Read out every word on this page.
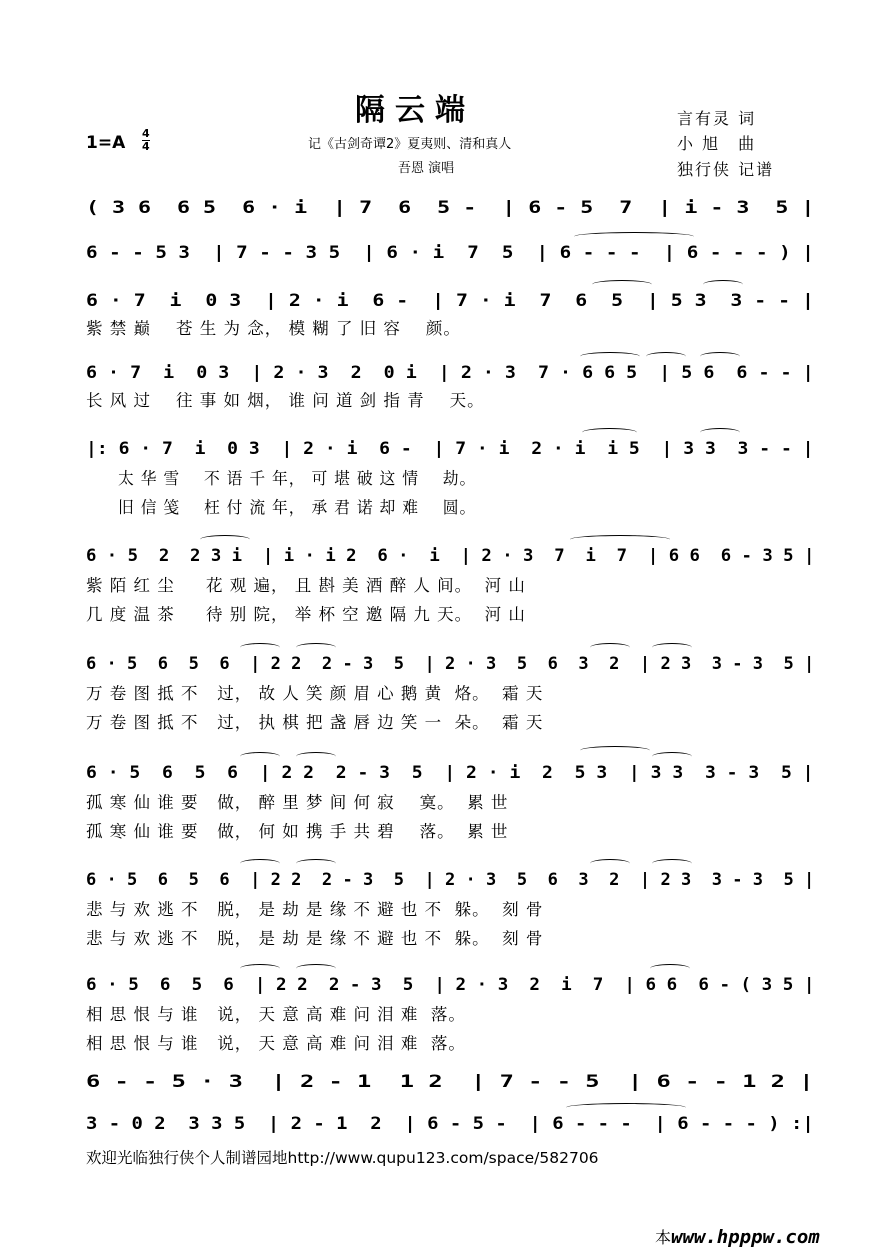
隔云端
1=A 4
4	记《古剑奇谭2》夏夷则、清和真人
吾恩 演唱
言有灵 词
小 旭　曲
独行侠 记谱
( 3 6  6 5  6 · i  | 7  6  5 -  | 6 - 5  7  | i - 3  5 |
6 - - 5 3  | 7 - - 3 5  | 6 · i  7  5  | 6 - - -  | 6 - - - ) |
6 · 7  i  0 3  | 2 · i  6 -  | 7 · i  7  6  5  | 5 3  3 - - |
紫 禁 巅    苍 生 为 念， 模 糊 了 旧 容    颜。
6 · 7  i  0 3  | 2 · 3  2  0 i  | 2 · 3  7 · 6 6 5  | 5 6  6 - - |
长 风 过    往 事 如 烟， 谁 问 道 剑 指 青    天。
|: 6 · 7  i  0 3  | 2 · i  6 -  | 7 · i  2 · i  i 5  | 3 3  3 - - |
太 华 雪    不 语 千 年， 可 堪 破 这 情    劫。
旧 信 笺    枉 付 流 年， 承 君 诺 却 难    圆。
6 · 5  2  2 3 i  | i · i 2  6 ·  i  | 2 · 3  7  i  7  | 6 6  6 - 3 5 |
紫 陌 红 尘     花 观 遍， 且 斟 美 酒 醉 人 间。  河 山
几 度 温 茶     待 别 院， 举 杯 空 邀 隔 九 天。  河 山
6 · 5  6  5  6  | 2 2  2 - 3  5  | 2 · 3  5  6  3  2  | 2 3  3 - 3  5 |
万 卷 图 抵 不   过， 故 人 笑 颜 眉 心 鹅 黄  烙。  霜 天
万 卷 图 抵 不   过， 执 棋 把 盏 唇 边 笑 一  朵。  霜 天
6 · 5  6  5  6  | 2 2  2 - 3  5  | 2 · i  2  5 3  | 3 3  3 - 3  5 |
孤 寒 仙 谁 要   做， 醉 里 梦 间 何 寂    寞。  累 世
孤 寒 仙 谁 要   做， 何 如 携 手 共 碧    落。  累 世
6 · 5  6  5  6  | 2 2  2 - 3  5  | 2 · 3  5  6  3  2  | 2 3  3 - 3  5 |
悲 与 欢 逃 不   脱， 是 劫 是 缘 不 避 也 不  躲。  刻 骨
悲 与 欢 逃 不   脱， 是 劫 是 缘 不 避 也 不  躲。  刻 骨
6 · 5  6  5  6  | 2 2  2 - 3  5  | 2 · 3  2  i  7  | 6 6  6 - ( 3 5 |
相 思 恨 与 谁   说， 天 意 高 难 问 泪 难  落。
相 思 恨 与 谁   说， 天 意 高 难 问 泪 难  落。
6 - - 5 · 3  | 2 - 1  1 2  | 7 - - 5  | 6 - - 1 2 |
3 - 0 2  3 3 5  | 2 - 1  2  | 6 - 5 -  | 6 - - -  | 6 - - - ) :|
欢迎光临独行侠个人制谱园地http://www.qupu123.com/space/582706
本www.hpppw.com
